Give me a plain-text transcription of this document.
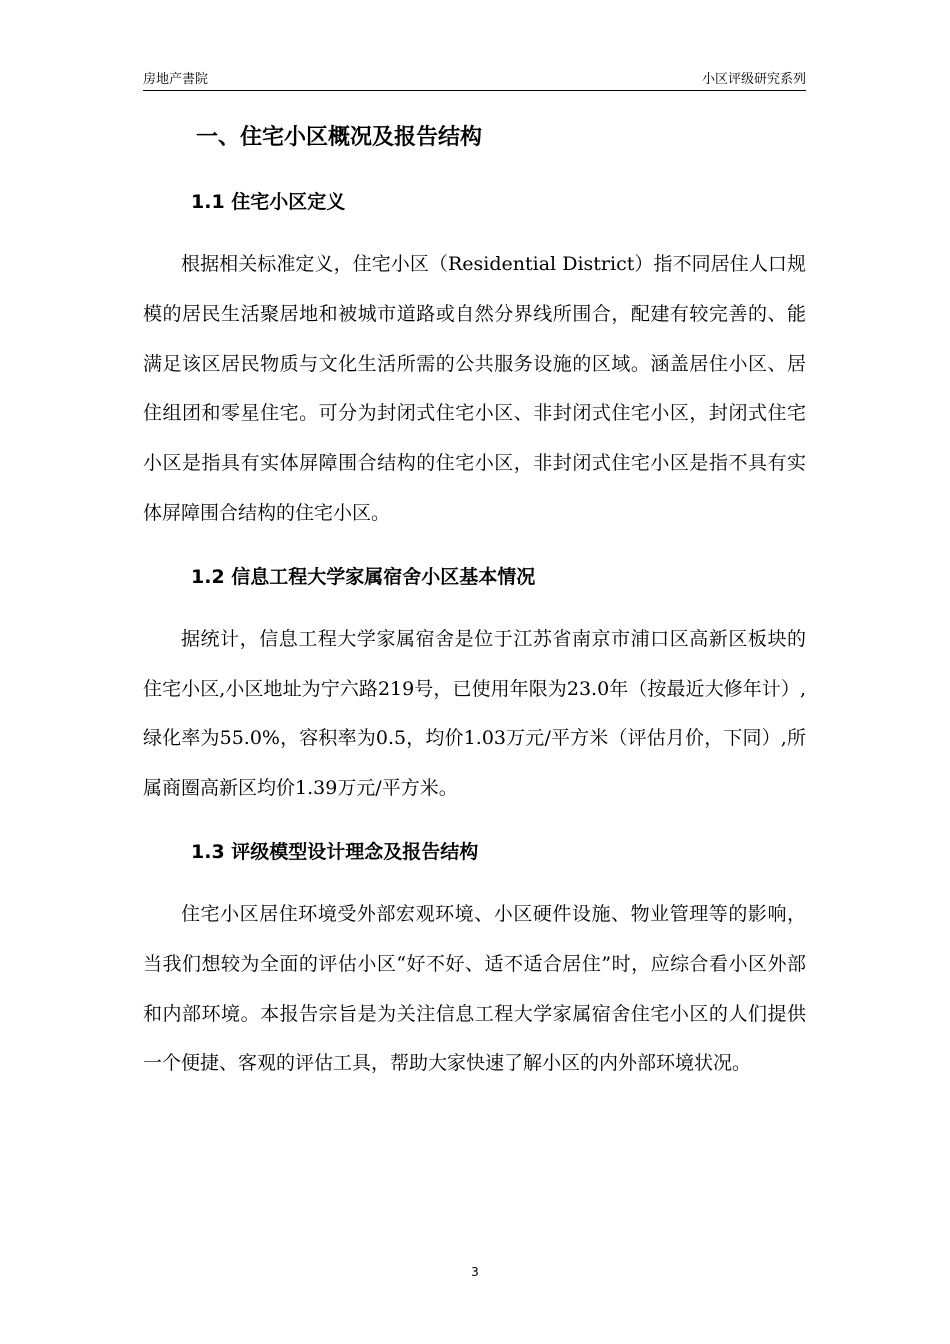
房地产書院	小区评级研究系列
一、住宅小区概况及报告结构
1.1 住宅小区定义

根据相关标准定义，住宅小区（Residential District）指不同居住人口规模的居民生活聚居地和被城市道路或自然分界线所围合，配建有较完善的、能满足该区居民物质与文化生活所需的公共服务设施的区域。涵盖居住小区、居住组团和零星住宅。可分为封闭式住宅小区、非封闭式住宅小区，封闭式住宅小区是指具有实体屏障围合结构的住宅小区，非封闭式住宅小区是指不具有实体屏障围合结构的住宅小区。

1.2 信息工程大学家属宿舍小区基本情况

据统计，信息工程大学家属宿舍是位于江苏省南京市浦口区高新区板块的住宅小区,小区地址为宁六路219号，已使用年限为23.0年（按最近大修年计）,绿化率为55.0%，容积率为0.5，均价1.03万元/平方米（评估月价，下同）,所属商圈高新区均价1.39万元/平方米。

1.3 评级模型设计理念及报告结构

住宅小区居住环境受外部宏观环境、小区硬件设施、物业管理等的影响，当我们想较为全面的评估小区“好不好、适不适合居住”时，应综合看小区外部和内部环境。本报告宗旨是为关注信息工程大学家属宿舍住宅小区的人们提供一个便捷、客观的评估工具，帮助大家快速了解小区的内外部环境状况。

3
